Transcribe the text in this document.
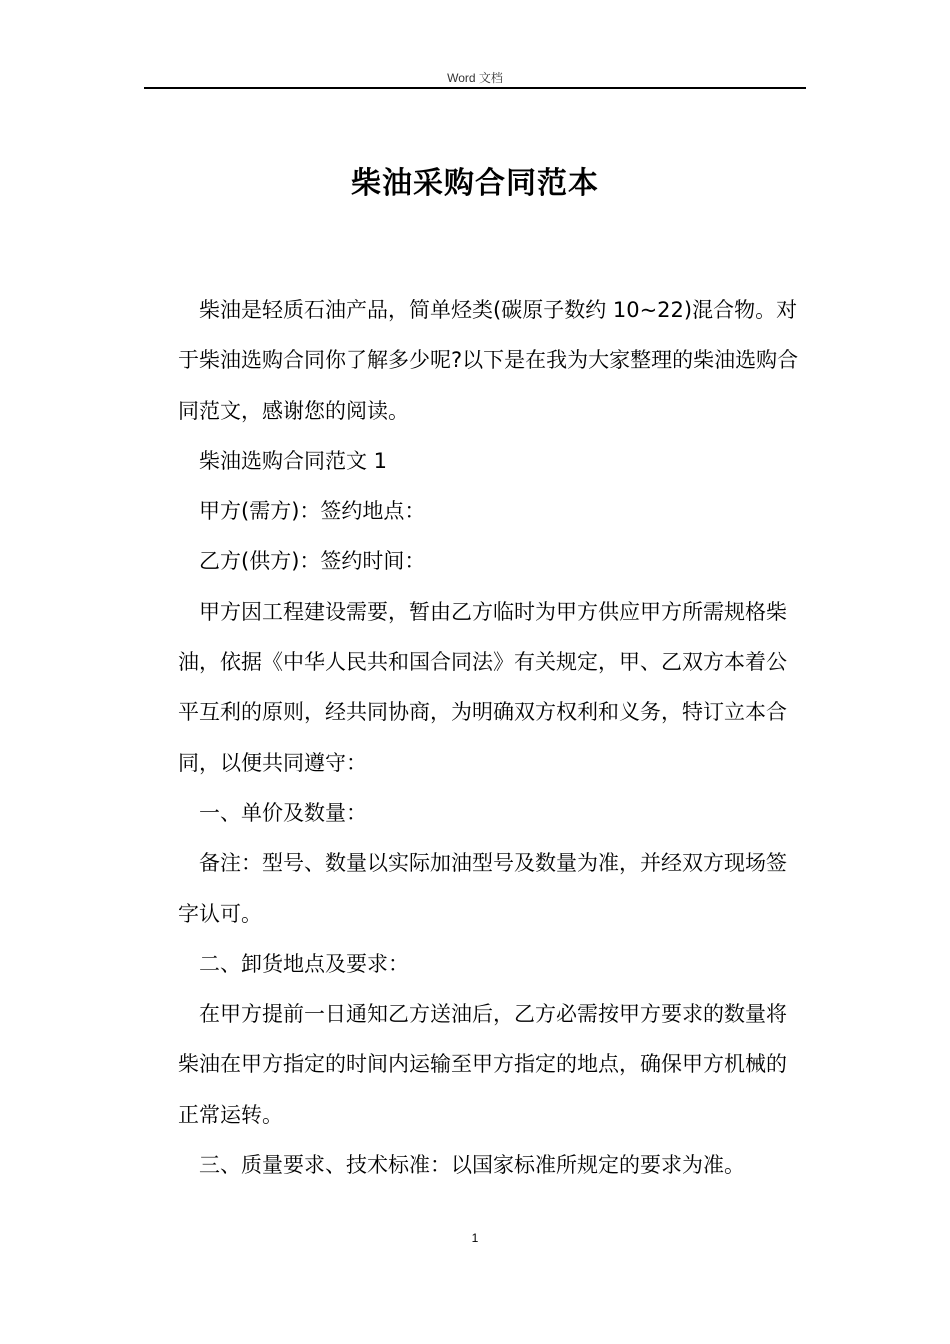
Word 文档
柴油采购合同范本

柴油是轻质石油产品，简单烃类(碳原子数约 10~22)混合物。对于柴油选购合同你了解多少呢?以下是在我为大家整理的柴油选购合同范文，感谢您的阅读。

柴油选购合同范文 1

甲方(需方)：签约地点：

乙方(供方)：签约时间：

甲方因工程建设需要，暂由乙方临时为甲方供应甲方所需规格柴油，依据《中华人民共和国合同法》有关规定，甲、乙双方本着公平互利的原则，经共同协商，为明确双方权利和义务，特订立本合同，以便共同遵守：

一、单价及数量：

备注：型号、数量以实际加油型号及数量为准，并经双方现场签字认可。

二、卸货地点及要求：

在甲方提前一日通知乙方送油后，乙方必需按甲方要求的数量将柴油在甲方指定的时间内运输至甲方指定的地点，确保甲方机械的正常运转。

三、质量要求、技术标准：以国家标准所规定的要求为准。

1
